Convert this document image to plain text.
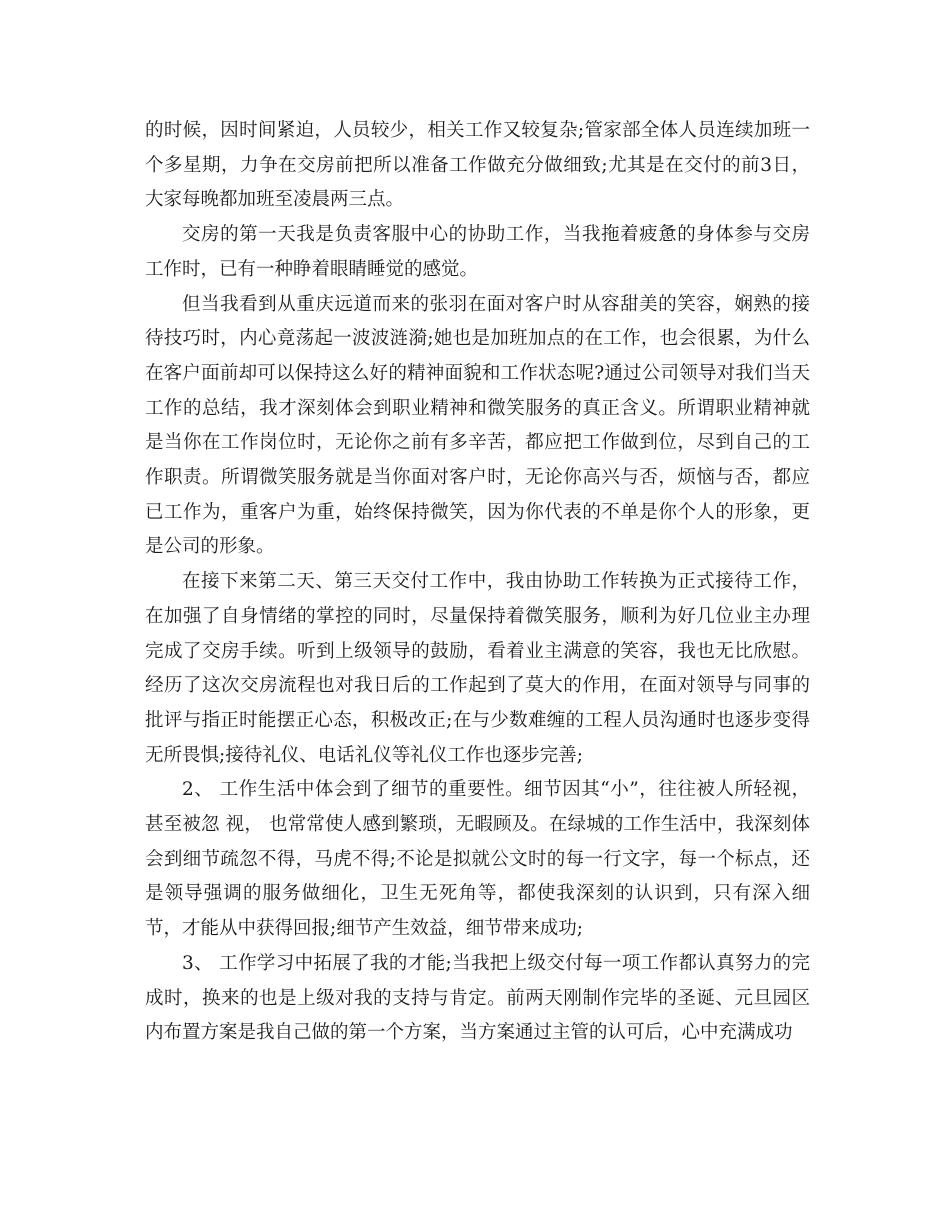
的时候，因时间紧迫，人员较少，相关工作又较复杂;管家部全体人员连续加班一个多星期，力争在交房前把所以准备工作做充分做细致;尤其是在交付的前3日，大家每晚都加班至凌晨两三点。

交房的第一天我是负责客服中心的协助工作，当我拖着疲惫的身体参与交房工作时，已有一种睁着眼睛睡觉的感觉。

但当我看到从重庆远道而来的张羽在面对客户时从容甜美的笑容，娴熟的接待技巧时，内心竟荡起一波波涟漪;她也是加班加点的在工作，也会很累，为什么在客户面前却可以保持这么好的精神面貌和工作状态呢?通过公司领导对我们当天工作的总结，我才深刻体会到职业精神和微笑服务的真正含义。所谓职业精神就是当你在工作岗位时，无论你之前有多辛苦，都应把工作做到位，尽到自己的工作职责。所谓微笑服务就是当你面对客户时，无论你高兴与否，烦恼与否，都应已工作为，重客户为重，始终保持微笑，因为你代表的不单是你个人的形象，更是公司的形象。

在接下来第二天、第三天交付工作中，我由协助工作转换为正式接待工作，在加强了自身情绪的掌控的同时，尽量保持着微笑服务，顺利为好几位业主办理完成了交房手续。听到上级领导的鼓励，看着业主满意的笑容，我也无比欣慰。经历了这次交房流程也对我日后的工作起到了莫大的作用，在面对领导与同事的批评与指正时能摆正心态，积极改正;在与少数难缠的工程人员沟通时也逐步变得无所畏惧;接待礼仪、电话礼仪等礼仪工作也逐步完善;

2、 工作生活中体会到了细节的重要性。细节因其“小”，往往被人所轻视，甚至被忽 视， 也常常使人感到繁琐，无暇顾及。在绿城的工作生活中，我深刻体会到细节疏忽不得，马虎不得;不论是拟就公文时的每一行文字，每一个标点，还是领导强调的服务做细化，卫生无死角等，都使我深刻的认识到，只有深入细节，才能从中获得回报;细节产生效益，细节带来成功;

3、 工作学习中拓展了我的才能;当我把上级交付每一项工作都认真努力的完成时，换来的也是上级对我的支持与肯定。前两天刚制作完毕的圣诞、元旦园区内布置方案是我自己做的第一个方案，当方案通过主管的认可后，心中充满成功
